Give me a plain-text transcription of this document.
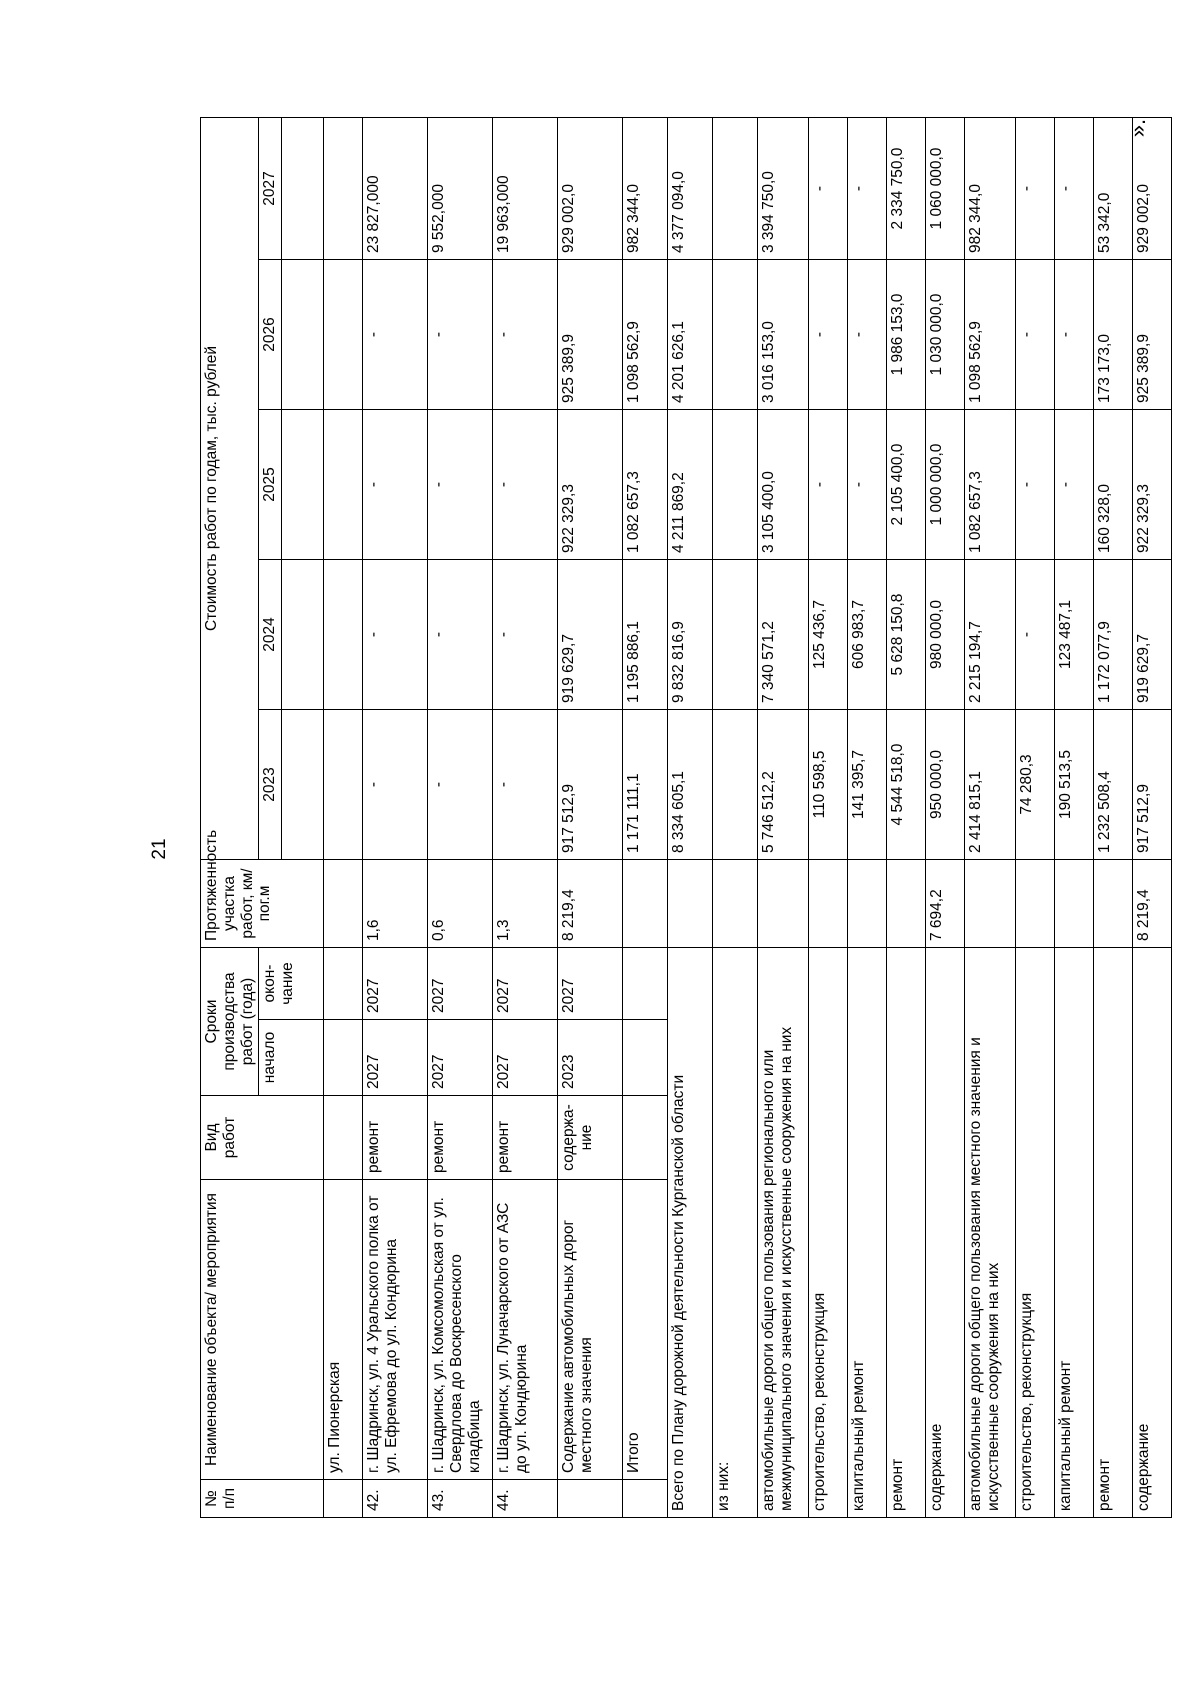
21
».
№ п/п	Наименование объекта/ мероприятия	Вид работ	Сроки производства работ (года)		Протяженность участка работ, км/пог.м	Стоимость работ по годам, тыс. рублей				
			начало	окон-чание		2023	2024	2025	2026	2027

	ул. Пионерская									
42.	г. Шадринск, ул. 4 Уральского полка от ул. Ефремова до ул. Кондюрина	ремонт	2027	2027	1,6	-	-	-	-	23 827,000
43.	г. Шадринск, ул. Комсомольская от ул. Свердлова до Воскресенского кладбища	ремонт	2027	2027	0,6	-	-	-	-	9 552,000
44.	г. Шадринск, ул. Луначарского от АЗС до ул. Кондюрина	ремонт	2027	2027	1,3	-	-	-	-	19 963,000
	Содержание автомобильных дорог местного значения	содержа-ние	2023	2027	8 219,4	917 512,9	919 629,7	922 329,3	925 389,9	929 002,0
	Итого					1 171 111,1	1 195 886,1	1 082 657,3	1 098 562,9	982 344,0
Всего по Плану дорожной деятельности Курганской области						8 334 605,1	9 832 816,9	4 211 869,2	4 201 626,1	4 377 094,0
из них:										
автомобильные дороги общего пользования регионального или межмуниципального значения и искусственные сооружения на них						5 746 512,2	7 340 571,2	3 105 400,0	3 016 153,0	3 394 750,0
строительство, реконструкция						110 598,5	125 436,7	-	-	-
капитальный ремонт						141 395,7	606 983,7	-	-	-
ремонт						4 544 518,0	5 628 150,8	2 105 400,0	1 986 153,0	2 334 750,0
содержание					7 694,2	950 000,0	980 000,0	1 000 000,0	1 030 000,0	1 060 000,0
автомобильные дороги общего пользования местного значения и искусственные сооружения на них						2 414 815,1	2 215 194,7	1 082 657,3	1 098 562,9	982 344,0
строительство, реконструкция						74 280,3	-	-	-	-
капитальный ремонт						190 513,5	123 487,1	-	-	-
ремонт						1 232 508,4	1 172 077,9	160 328,0	173 173,0	53 342,0
содержание					8 219,4	917 512,9	919 629,7	922 329,3	925 389,9	929 002,0
